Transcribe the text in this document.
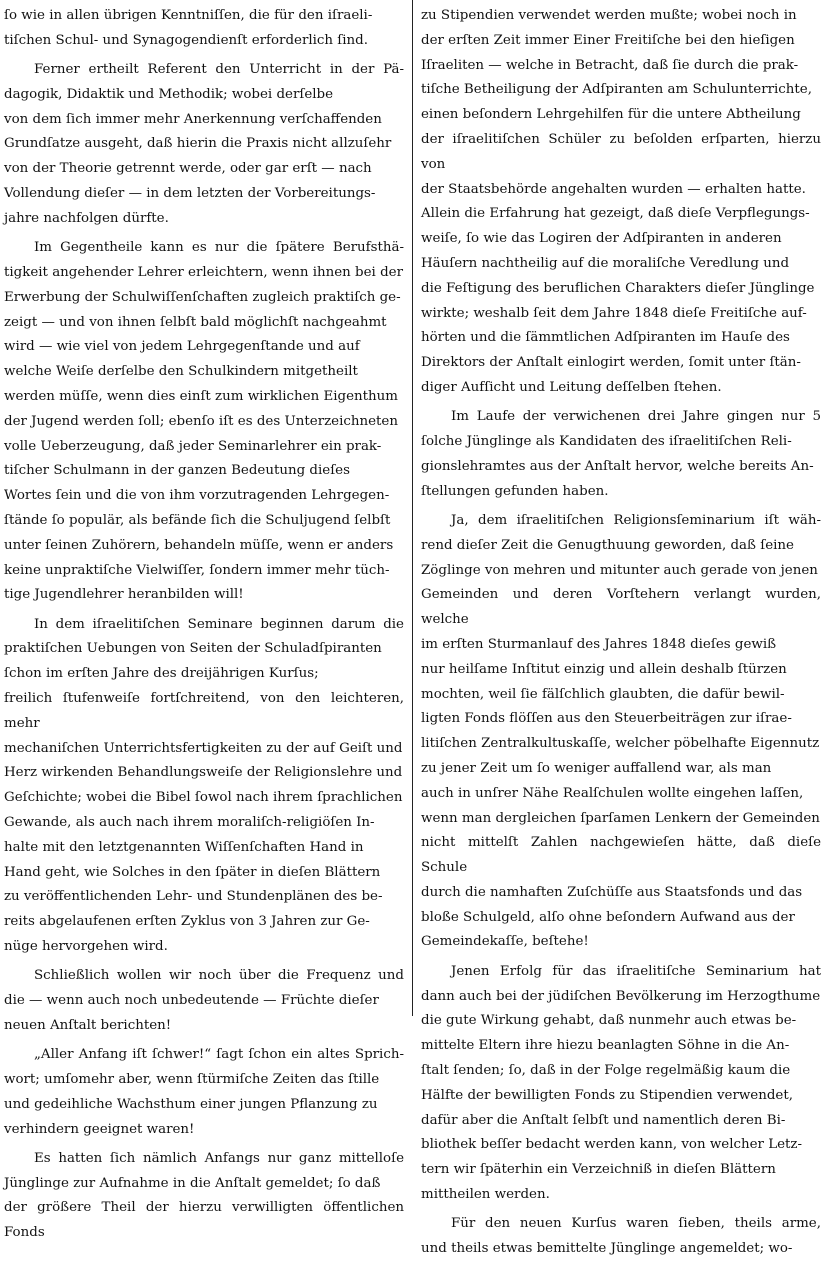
ſo wie in allen übrigen Kenntniſſen, die für den iſraeli-

tiſchen Schul- und Synagogendienſt erforderlich ſind.

Ferner ertheilt Referent den Unterricht in der Pä-

dagogik, Didaktik und Methodik; wobei derſelbe

von dem ſich immer mehr Anerkennung verſchaffenden

Grundſatze ausgeht, daß hierin die Praxis nicht allzuſehr

von der Theorie getrennt werde, oder gar erſt — nach

Vollendung dieſer — in dem letzten der Vorbereitungs-

jahre nachfolgen dürfte.

Im Gegentheile kann es nur die ſpätere Berufsthä-

tigkeit angehender Lehrer erleichtern, wenn ihnen bei der

Erwerbung der Schulwiſſenſchaften zugleich praktiſch ge-

zeigt — und von ihnen ſelbſt bald möglichſt nachgeahmt

wird — wie viel von jedem Lehrgegenſtande und auf

welche Weiſe derſelbe den Schulkindern mitgetheilt

werden müſſe, wenn dies einſt zum wirklichen Eigenthum

der Jugend werden ſoll; ebenſo iſt es des Unterzeichneten

volle Ueberzeugung, daß jeder Seminarlehrer ein prak-

tiſcher Schulmann in der ganzen Bedeutung dieſes

Wortes ſein und die von ihm vorzutragenden Lehrgegen-

ſtände ſo populär, als befände ſich die Schuljugend ſelbſt

unter ſeinen Zuhörern, behandeln müſſe, wenn er anders

keine unpraktiſche Vielwiſſer, ſondern immer mehr tüch-

tige Jugendlehrer heranbilden will!

In dem iſraelitiſchen Seminare beginnen darum die

praktiſchen Uebungen von Seiten der Schuladſpiranten

ſchon im erſten Jahre des dreijährigen Kurſus;

freilich ſtufenweiſe fortſchreitend, von den leichteren, mehr

mechaniſchen Unterrichtsfertigkeiten zu der auf Geiſt und

Herz wirkenden Behandlungsweiſe der Religionslehre und

Geſchichte; wobei die Bibel ſowol nach ihrem ſprachlichen

Gewande, als auch nach ihrem moraliſch-religiöſen In-

halte mit den letztgenannten Wiſſenſchaften Hand in

Hand geht, wie Solches in den ſpäter in dieſen Blättern

zu veröffentlichenden Lehr- und Stundenplänen des be-

reits abgelaufenen erſten Zyklus von 3 Jahren zur Ge-

nüge hervorgehen wird.

Schließlich wollen wir noch über die Frequenz und

die — wenn auch noch unbedeutende — Früchte dieſer

neuen Anſtalt berichten!

„Aller Anfang iſt ſchwer!“ ſagt ſchon ein altes Sprich-

wort; umſomehr aber, wenn ſtürmiſche Zeiten das ſtille

und gedeihliche Wachsthum einer jungen Pflanzung zu

verhindern geeignet waren!

Es hatten ſich nämlich Anfangs nur ganz mittelloſe

Jünglinge zur Aufnahme in die Anſtalt gemeldet; ſo daß

der größere Theil der hierzu verwilligten öffentlichen Fonds

zu Stipendien verwendet werden mußte; wobei noch in

der erſten Zeit immer Einer Freitiſche bei den hieſigen

Iſraeliten — welche in Betracht, daß ſie durch die prak-

tiſche Betheiligung der Adſpiranten am Schulunterrichte,

einen beſondern Lehrgehilfen für die untere Abtheilung

der iſraelitiſchen Schüler zu beſolden erſparten, hierzu von

der Staatsbehörde angehalten wurden — erhalten hatte.

Allein die Erfahrung hat gezeigt, daß dieſe Verpflegungs-

weiſe, ſo wie das Logiren der Adſpiranten in anderen

Häuſern nachtheilig auf die moraliſche Veredlung und

die Feſtigung des beruflichen Charakters dieſer Jünglinge

wirkte; weshalb ſeit dem Jahre 1848 dieſe Freitiſche auf-

hörten und die ſämmtlichen Adſpiranten im Hauſe des

Direktors der Anſtalt einlogirt werden, ſomit unter ſtän-

diger Aufſicht und Leitung deſſelben ſtehen.

Im Laufe der verwichenen drei Jahre gingen nur 5

ſolche Jünglinge als Kandidaten des iſraelitiſchen Reli-

gionslehramtes aus der Anſtalt hervor, welche bereits An-

ſtellungen gefunden haben.

Ja, dem iſraelitiſchen Religionsſeminarium iſt wäh-

rend dieſer Zeit die Genugthuung geworden, daß ſeine

Zöglinge von mehren und mitunter auch gerade von jenen

Gemeinden und deren Vorſtehern verlangt wurden, welche

im erſten Sturmanlauf des Jahres 1848 dieſes gewiß

nur heilſame Inſtitut einzig und allein deshalb ſtürzen

mochten, weil ſie fälſchlich glaubten, die dafür bewil-

ligten Fonds flöſſen aus den Steuerbeiträgen zur iſrae-

litiſchen Zentralkultuskaſſe, welcher pöbelhafte Eigennutz

zu jener Zeit um ſo weniger auffallend war, als man

auch in unſrer Nähe Realſchulen wollte eingehen laſſen,

wenn man dergleichen ſparſamen Lenkern der Gemeinden

nicht mittelſt Zahlen nachgewieſen hätte, daß dieſe Schule

durch die namhaften Zuſchüſſe aus Staatsfonds und das

bloße Schulgeld, alſo ohne beſondern Aufwand aus der

Gemeindekaſſe, beſtehe!

Jenen Erfolg für das iſraelitiſche Seminarium hat

dann auch bei der jüdiſchen Bevölkerung im Herzogthume

die gute Wirkung gehabt, daß nunmehr auch etwas be-

mittelte Eltern ihre hiezu beanlagten Söhne in die An-

ſtalt ſenden; ſo, daß in der Folge regelmäßig kaum die

Hälfte der bewilligten Fonds zu Stipendien verwendet,

dafür aber die Anſtalt ſelbſt und namentlich deren Bi-

bliothek beſſer bedacht werden kann, von welcher Letz-

tern wir ſpäterhin ein Verzeichniß in dieſen Blättern

mittheilen werden.

Für den neuen Kurſus waren ſieben, theils arme,

und theils etwas bemittelte Jünglinge angemeldet; wo-
